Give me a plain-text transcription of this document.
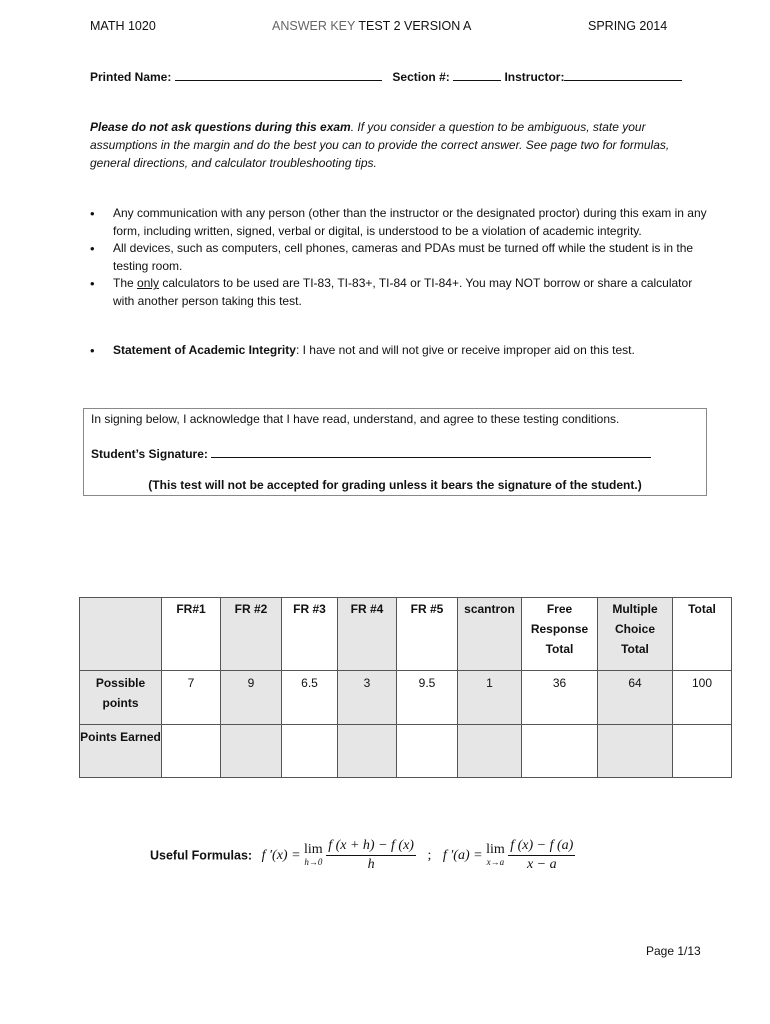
MATH 1020	ANSWER KEY TEST 2 VERSION A	SPRING 2014
Printed Name:	Section #:	Instructor:
Please do not ask questions during this exam. If you consider a question to be ambiguous, state your assumptions in the margin and do the best you can to provide the correct answer. See page two for formulas, general directions, and calculator troubleshooting tips.
• Any communication with any person (other than the instructor or the designated proctor) during this exam in any form, including written, signed, verbal or digital, is understood to be a violation of academic integrity.
• All devices, such as computers, cell phones, cameras and PDAs must be turned off while the student is in the testing room.
• The only calculators to be used are TI-83, TI-83+, TI-84 or TI-84+. You may NOT borrow or share a calculator with another person taking this test.
• Statement of Academic Integrity: I have not and will not give or receive improper aid on this test.
In signing below, I acknowledge that I have read, understand, and agree to these testing conditions.
Student’s Signature:
(This test will not be accepted for grading unless it bears the signature of the student.)
	FR#1	FR #2	FR #3	FR #4	FR #5	scantron	Free Response Total	Multiple Choice Total	Total
Possible points	7	9	6.5	3	9.5	1	36	64	100
Points Earned									
Useful Formulas: f ′(x) = lim
h→0
$\frac{f (x + h) - f (x)}{h}$ ; f ′(a) = lim
x→a
$\frac{f (x) - f (a)}{x - a}$
Page 1/13
